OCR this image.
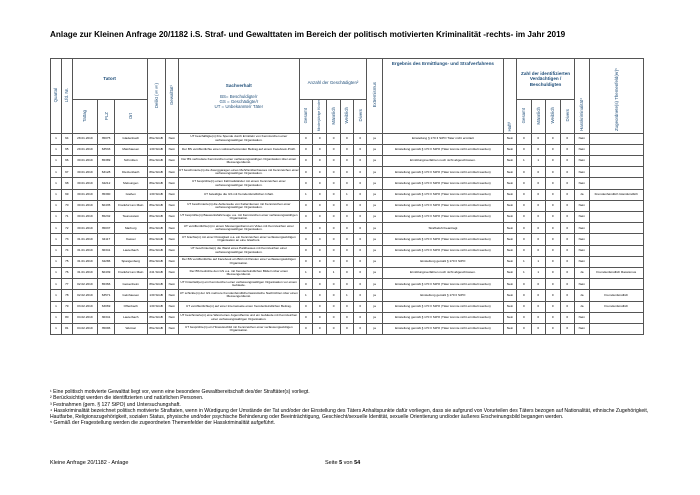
Anlage zur Kleinen Anfrage 20/1182 i.S. Straf- und Gewalttaten im Bereich der politisch motivierten Kriminalität -rechts- im Jahr 2019
Quartal	Lfd. Nr.	Tatort			Delikt (§§)	Gewalttat¹	Sachverhalt
BS= Beschuldigte/r
GS = Geschädigte/r
UT = Unbekannte/r Täter	Anzahl der Geschädigten²					Extremismus	Ergebnis des Ermittlungs- und Strafverfahrens	Haft³	Zahl der identifizierten Verdächtigen / Beschuldigten				Hasskriminalität⁴	Zugeordnete(s) Themenfeld(er)⁵
		Tattag	PLZ	Ort				Gesamt	Minderjährige Kinder	Männlich	Weiblich	Divers				Gesamt	Männlich	Weiblich	Divers		
1	64	28.01.2019	35075	Gladenbach	86a StGB	Nein	UT beschäftigte(n) ihre Spende durch Ermitteln von Kennzeichen einer verfassungswidrigen Organisation.	0	0	0	0	0	ja	Einstellung § 170 II StPO Täter nicht ermittelt	Nein	0	0	0	0	Nein	
1	65	29.01.2019	63533	Mainhausen	130 StGB	Nein	Der BS veröffentlichte einen volksverhetzenden Beitrag auf einem Facebook-Profil.	0	0	0	0	0	ja	Einstellung gemäß § 170 II StPO (Täter konnte nicht ermittelt werden)	Nein	0	0	0	0	Nein	
1	66	30.01.2019	65389	Schmitten	86a StGB	Nein	Der BS verbreitete Kennzeichen einer verfassungswidrigen Organisation über einen Messengerdienst.	0	0	0	0	0	ja	Ermittlungsverfahren noch nicht abgeschlossen.	Nein	1	1	0	0	Nein	
1	67	30.01.2019	63128	Dietzenbach	86a StGB	Nein	UT beschmierte(n) die Zwerggaragen eines Mehrfamilienhauses mit Kennzeichen einer verfassungswidrigen Organisation.	0	0	0	0	0	ja	Einstellung gemäß § 170 II StPO (Täter konnte nicht ermittelt werden)	Nein	0	0	0	0	Nein	
1	68	30.01.2019	34212	Melsungen	86a StGB	Nein	UT besprühte(n) einen Fahrradständer mit einem Kennzeichen einer verfassungswidrigen Organisation.	0	0	0	0	0	ja	Einstellung gemäß § 170 II StPO (Täter konnte nicht ermittelt werden)	Nein	0	0	0	0	Nein	
1	69	30.01.2019	35390	Gießen	130 StGB	Nein	UT beleidigte die GS mit fremdenfeindlichen Inhalt.	1	0	0	1	0	ja	Einstellung gemäß § 170 II StPO (Täter konnte nicht ermittelt werden)	Nein	0	0	0	0	Ja	Fremdenfeindlich Islamfeindlich
1	70	30.01.2019	60435	Frankfurt am Main	86a StGB	Nein	UT beschmierte(n) die Außenseite von Kellerräumen mit Kennzeichen einer verfassungswidrigen Organisation.	0	0	0	0	0	ja	Einstellung gemäß § 170 II StPO (Täter konnte nicht ermittelt werden)	Nein	0	0	0	0	Nein	
1	71	30.01.2019	65232	Taunusstein	86a StGB	Nein	UT besprühte(n) Bauwerksfahrzeuge u.a. mit Kennzeichen einer verfassungswidrigen Organisation.	0	0	0	0	0	ja	Einstellung gemäß § 170 II StPO (Täter konnte nicht ermittelt werden)	Nein	0	0	0	0	Nein	
1	72	30.01.2019	35037	Marburg	86a StGB	Nein	UT veröffentlichte(n) in einem Messengerdienst ein Video mit Kennzeichen einer verfassungswidrigen Organisation.	0	0	0	0	0	ja	Strafbefehl beantragt	Nein	0	0	0	0	Nein	
1	73	31.01.2019	34117	Kassel	86a StGB	Nein	UT brachte(n) mit einer Flüssigkeit u.a. ein Kennzeichen einer verfassungswidrigen Organisation an eine Glasfront.	0	0	0	0	0	ja	Einstellung gemäß § 170 II StPO (Täter konnte nicht ermittelt werden)	Nein	0	0	0	0	Nein	
1	74	31.01.2019	36341	Lauterbach	86a StGB	Nein	UT beschmierte(n) die Wand eines Parkhauses mit Kennzeichen einer verfassungswidrigen Organisation.	0	0	0	0	0	ja	Einstellung gemäß § 170 II StPO (Täter konnte nicht ermittelt werden)	Nein	0	0	0	0	Nein	
1	75	31.01.2019	34286	Spangenberg	86a StGB	Nein	Der BS veröffentlichte auf Facebook ein Bild mit Parolen einer verfassungswidrigen Organisation.	0	0	0	0	0	ja	Einstellung gemäß § 170 II StPO	Nein	1	1	0	0	Nein	
1	76	31.01.2019	60439	Frankfurt am Main	241 StGB	Nein	Der BS bedrohte den GS u.a. mit fremdenfeindlichen Bildern über einen Messengerdienst.	1	0	1	0	0	ja	Ermittlungsverfahren noch nicht abgeschlossen.	Nein	1	1	0	0	Ja	Fremdenfeindlich Rassismus
1	77	02.02.2019	65366	Geisenheim	86a StGB	Nein	UT hinterließ(en) ein Kennzeichen einer verfassungswidrigen Organisation vor einem Gebäude.	0	0	0	0	0	ja	Einstellung gemäß § 170 II StPO (Täter konnte nicht ermittelt werden)	Nein	0	0	0	0	Nein	
1	78	02.02.2019	63571	Gelnhausen	130 StGB	Nein	UT schickte(n) der GS mehrere fremdenfeindliche/rassistische Nachrichten über einen Messengerdienst.	1	0	0	1	0	ja	Einstellung gemäß § 170 II StPO	Nein	0	0	0	0	Ja	Fremdenfeindlich
1	79	03.02.2019	63069	Offenbach	130 StGB	Nein	UT veröffentlichte(n) auf einer Internetseite einen fremdenfeindlichen Beitrag.	0	0	0	0	0	ja	Einstellung gemäß § 170 II StPO (Täter konnte nicht ermittelt werden)	Nein	0	0	0	0	Ja	Fremdenfeindlich
1	80	04.02.2019	36341	Lauterbach	86a StGB	Nein	UT beschmierte(n) eine Wand eines Jugendheims und ein Gebäude mit Kennzeichen einer verfassungswidrigen Organisation.	0	0	0	0	0	ja	Einstellung gemäß § 170 II StPO (Täter konnte nicht ermittelt werden)	Nein	0	0	0	0	Nein	
1	81	04.02.2019	35096	Weimar	86a StGB	Nein	UT besprühte(n) ein Hinweisschild mit Kennzeichen einer verfassungswidrigen Organisation.	0	0	0	0	0	ja	Einstellung gemäß § 170 II StPO (Täter konnte nicht ermittelt werden)	Nein	0	0	0	0	Nein	
¹ Eine politisch motivierte Gewalttat liegt vor, wenn eine besondere Gewaltbereitschaft des/der Straftäter(s) vorliegt.
² Berücksichtigt werden die identifizierten und natürlichen Personen.
³ Festnahmen (gem. § 127 StPO) und Untersuchungshaft.
⁴ Hasskriminalität bezeichnet politisch motivierte Straftaten, wenn in Würdigung der Umstände der Tat und/oder der Einstellung des Täters Anhaltspunkte dafür vorliegen, dass sie aufgrund von Vorurteilen des Täters bezogen auf Nationalität, ethnische Zugehörigkeit, Hautfarbe, Religionszugehörigkeit, sozialen Status, physische und/oder psychische Behinderung oder Beeinträchtigung, Geschlecht/sexuelle Identität, sexuelle Orientierung und/oder äußeres Erscheinungsbild begangen werden.
⁵ Gemäß der Fragestellung werden die zugeordneten Themenfelder der Hasskriminalität aufgeführt.
Kleine Anfrage 20/1182 - Anlage	Seite 5 von 54
